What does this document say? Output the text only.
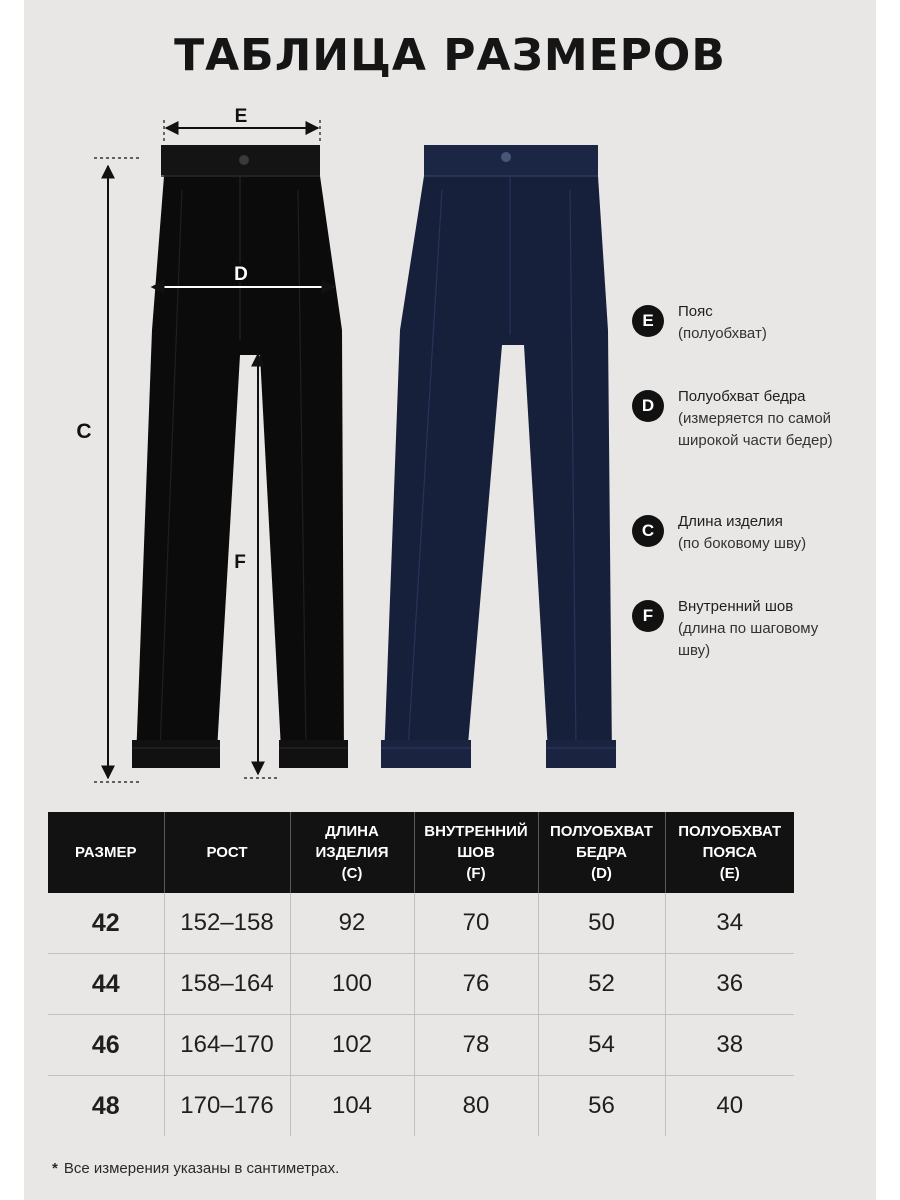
ТАБЛИЦА РАЗМЕРОВ
E
D
C
F
E	Пояс
(полуобхват)
D	Полуобхват бедра
(измеряется по самой широкой части бедер)
C	Длина изделия
(по боковому шву)
F	Внутренний шов
(длина по шаговому шву)
РАЗМЕР	РОСТ	ДЛИНА
ИЗДЕЛИЯ
(C)	ВНУТРЕННИЙ
ШОВ
(F)	ПОЛУОБХВАТ
БЕДРА
(D)	ПОЛУОБХВАТ
ПОЯСА
(E)
42	152–158	92	70	50	34
44	158–164	100	76	52	36
46	164–170	102	78	54	38
48	170–176	104	80	56	40
* Все измерения указаны в сантиметрах.
